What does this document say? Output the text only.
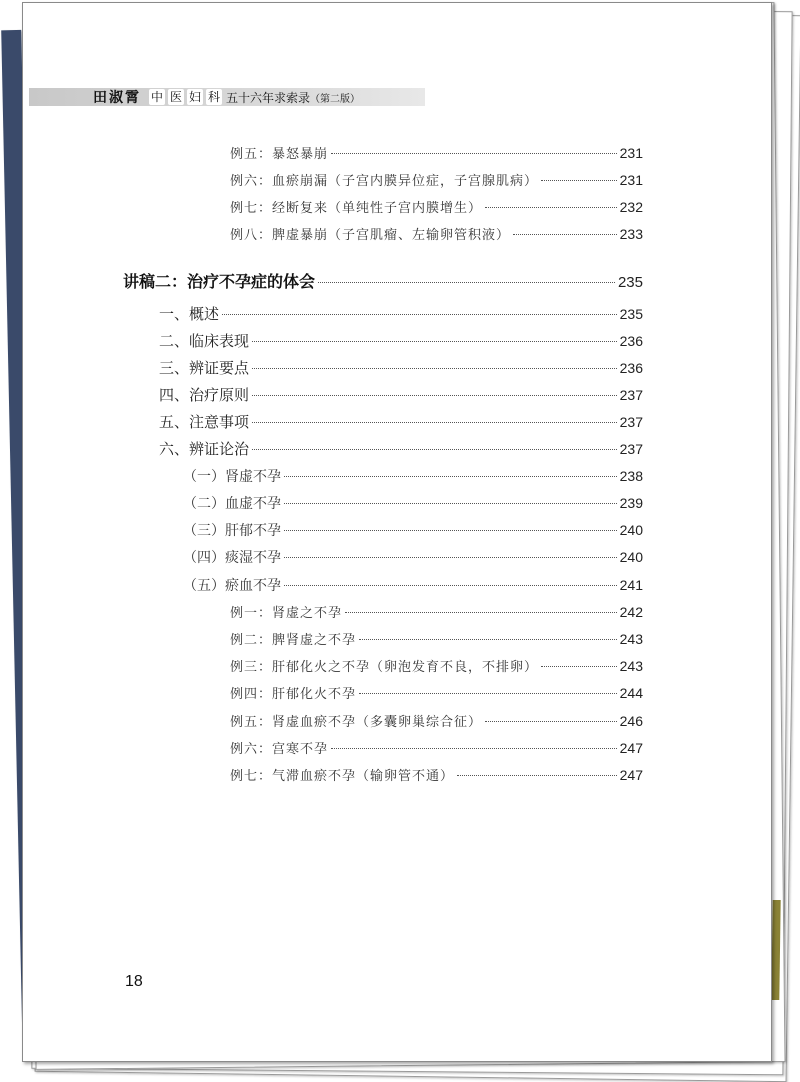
田淑霄 中 医 妇 科 五十六年求索录 （第二版）
例五：暴怒暴崩	231
例六：血瘀崩漏（子宫内膜异位症，子宫腺肌病）	231
例七：经断复来（单纯性子宫内膜增生）	232
例八：脾虚暴崩（子宫肌瘤、左输卵管积液）	233
讲稿二：治疗不孕症的体会	235
一、概述	235
二、临床表现	236
三、辨证要点	236
四、治疗原则	237
五、注意事项	237
六、辨证论治	237
（一）肾虚不孕	238
（二）血虚不孕	239
（三）肝郁不孕	240
（四）痰湿不孕	240
（五）瘀血不孕	241
例一：肾虚之不孕	242
例二：脾肾虚之不孕	243
例三：肝郁化火之不孕（卵泡发育不良，不排卵）	243
例四：肝郁化火不孕	244
例五：肾虚血瘀不孕（多囊卵巢综合征）	246
例六：宫寒不孕	247
例七：气滞血瘀不孕（输卵管不通）	247
18
